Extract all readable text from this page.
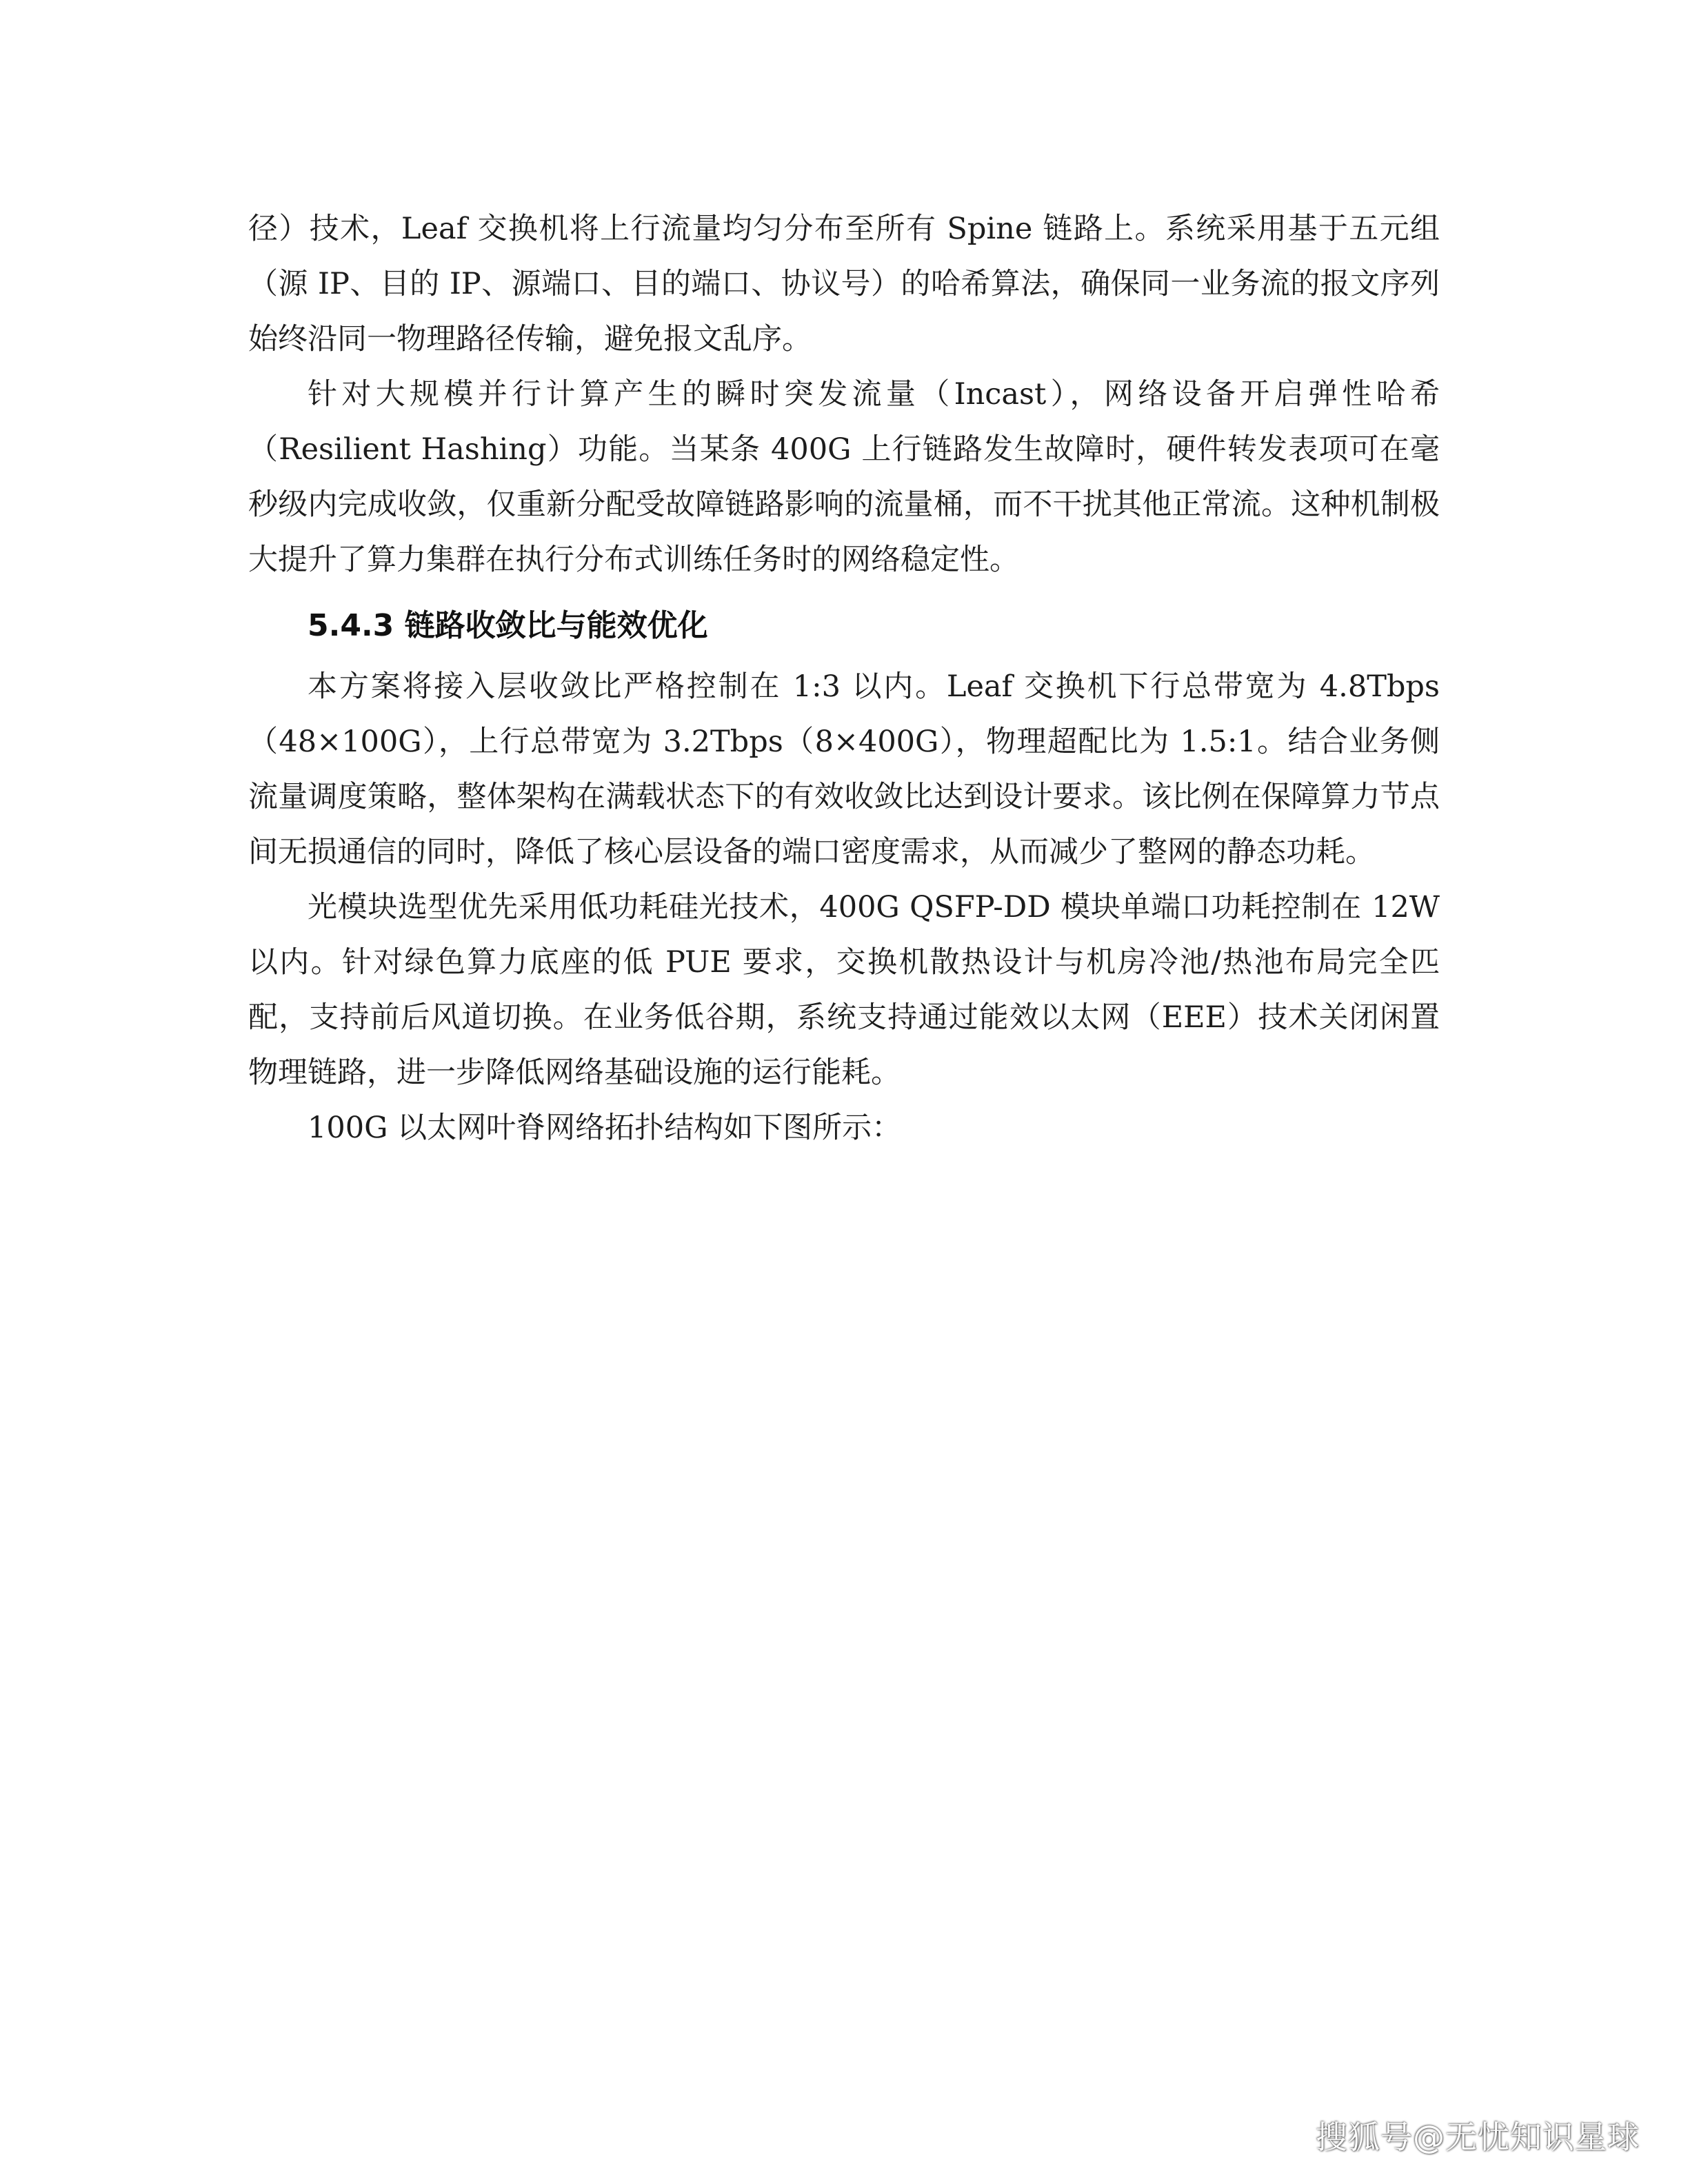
径）技术，Leaf 交换机将上行流量均匀分布至所有 Spine 链路上。系统采用基于五元组（源 IP、目的 IP、源端口、目的端口、协议号）的哈希算法，确保同一业务流的报文序列始终沿同一物理路径传输，避免报文乱序。

针对大规模并行计算产生的瞬时突发流量（Incast），网络设备开启弹性哈希（Resilient Hashing）功能。当某条 400G 上行链路发生故障时，硬件转发表项可在毫秒级内完成收敛，仅重新分配受故障链路影响的流量桶，而不干扰其他正常流。这种机制极大提升了算力集群在执行分布式训练任务时的网络稳定性。

5.4.3 链路收敛比与能效优化

本方案将接入层收敛比严格控制在 1:3 以内。Leaf 交换机下行总带宽为 4.8Tbps（48×100G），上行总带宽为 3.2Tbps（8×400G），物理超配比为 1.5:1。结合业务侧流量调度策略，整体架构在满载状态下的有效收敛比达到设计要求。该比例在保障算力节点间无损通信的同时，降低了核心层设备的端口密度需求，从而减少了整网的静态功耗。

光模块选型优先采用低功耗硅光技术，400G QSFP-DD 模块单端口功耗控制在 12W 以内。针对绿色算力底座的低 PUE 要求，交换机散热设计与机房冷池/热池布局完全匹配，支持前后风道切换。在业务低谷期，系统支持通过能效以太网（EEE）技术关闭闲置物理链路，进一步降低网络基础设施的运行能耗。

100G 以太网叶脊网络拓扑结构如下图所示：

搜狐号@无忧知识星球
